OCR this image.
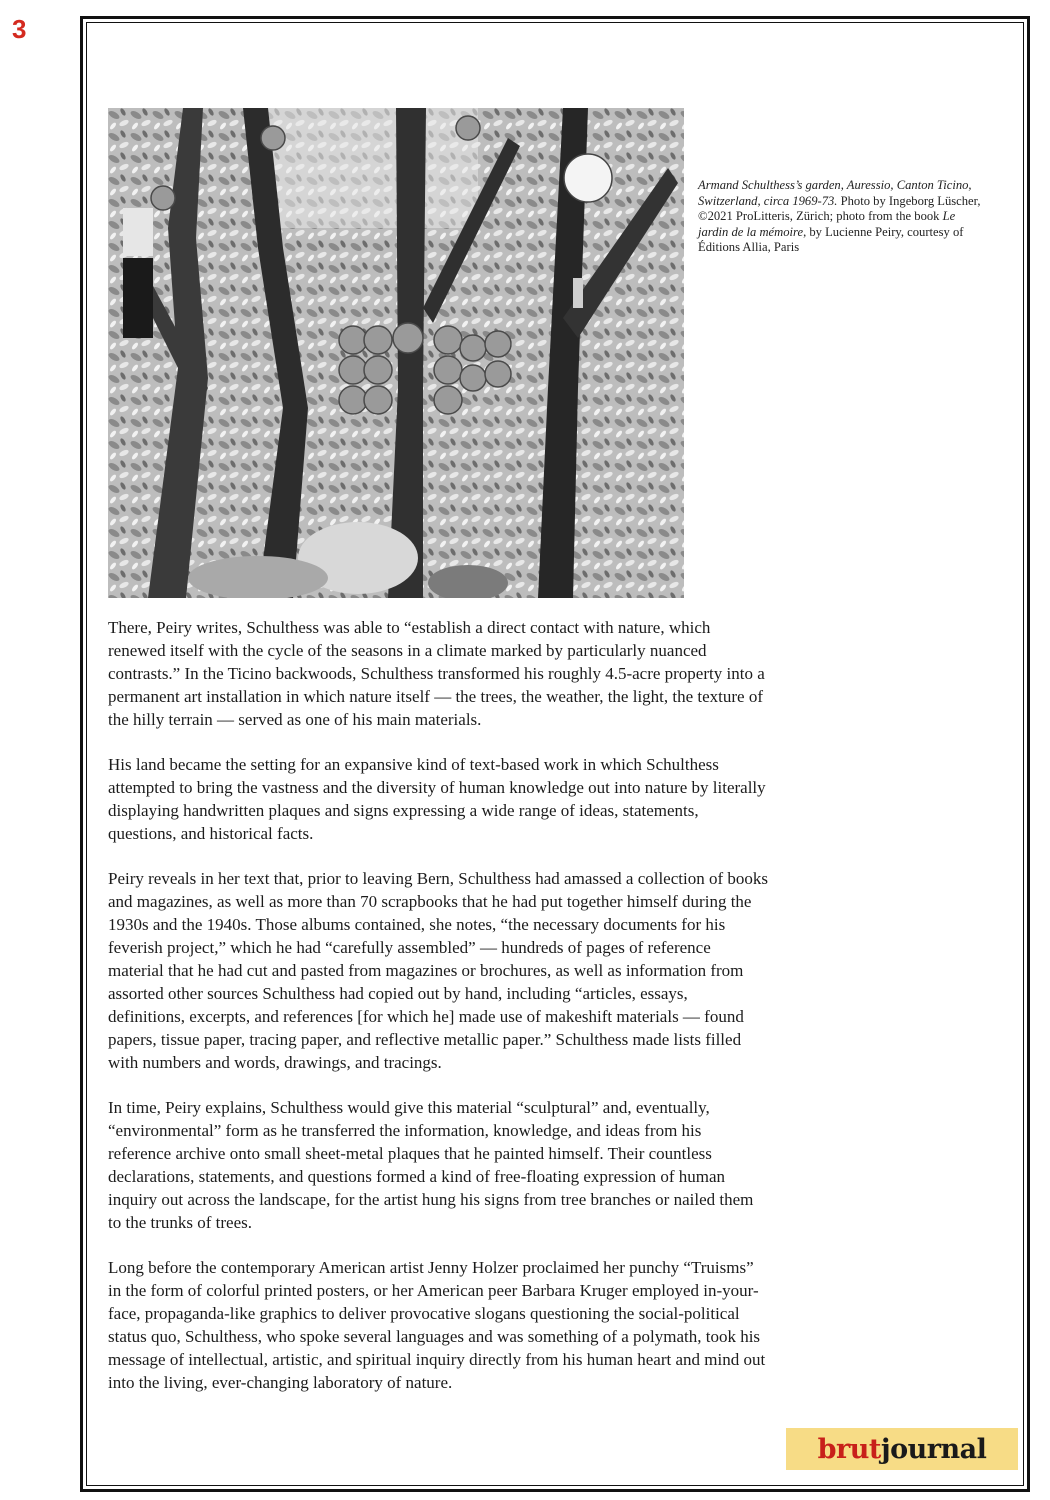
3
Armand Schulthess’s garden, Auressio, Canton Ticino, Switzerland, circa 1969-73. Photo by Ingeborg Lüscher, ©2021 ProLitteris, Zürich; photo from the book Le jardin de la mémoire, by Lucienne Peiry, courtesy of Éditions Allia, Paris

There, Peiry writes, Schulthess was able to “establish a direct contact with nature, which renewed itself with the cycle of the seasons in a climate marked by particularly nuanced contrasts.” In the Ticino backwoods, Schulthess transformed his roughly 4.5-acre property into a permanent art installation in which nature itself — the trees, the weather, the light, the texture of the hilly terrain — served as one of his main materials.

His land became the setting for an expansive kind of text-based work in which Schulthess attempted to bring the vastness and the diversity of human knowledge out into nature by literally displaying handwritten plaques and signs expressing a wide range of ideas, statements, questions, and historical facts.

Peiry reveals in her text that, prior to leaving Bern, Schulthess had amassed a collection of books and magazines, as well as more than 70 scrapbooks that he had put together himself during the 1930s and the 1940s. Those albums contained, she notes, “the necessary documents for his feverish project,” which he had “carefully assembled” — hundreds of pages of reference material that he had cut and pasted from magazines or brochures, as well as information from assorted other sources Schulthess had copied out by hand, including “articles, essays, definitions, excerpts, and references [for which he] made use of makeshift materials — found papers, tissue paper, tracing paper, and reflective metallic paper.” Schulthess made lists filled with numbers and words, drawings, and tracings.

In time, Peiry explains, Schulthess would give this material “sculptural” and, eventually, “environmental” form as he transferred the information, knowledge, and ideas from his reference archive onto small sheet-metal plaques that he painted himself. Their countless declarations, statements, and questions formed a kind of free-floating expression of human inquiry out across the landscape, for the artist hung his signs from tree branches or nailed them to the trunks of trees.

Long before the contemporary American artist Jenny Holzer proclaimed her punchy “Truisms” in the form of colorful printed posters, or her American peer Barbara Kruger employed in-your-face, propaganda-like graphics to deliver provocative slogans questioning the social-political status quo, Schulthess, who spoke several languages and was something of a polymath, took his message of intellectual, artistic, and spiritual inquiry directly from his human heart and mind out into the living, ever-changing laboratory of nature.

brut journal
